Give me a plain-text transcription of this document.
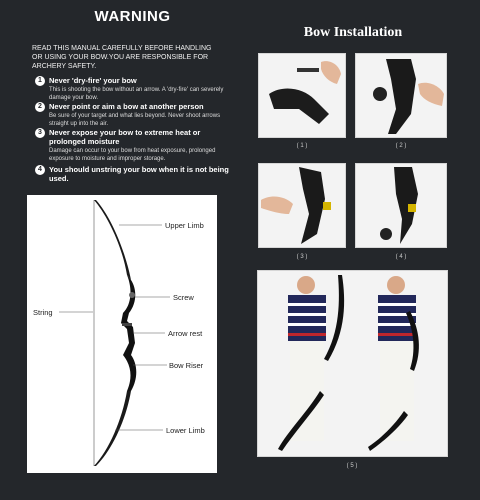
WARNING
READ THIS MANUAL CAREFULLY BEFORE HANDLING OR USING YOUR BOW.YOU ARE RESPONSIBLE FOR ARCHERY SAFETY.
1 Never 'dry-fire' your bow
This is shooting the bow without an arrow. A 'dry-fire' can severely damage your bow.
2 Never point or aim a bow at another person
Be sure of your target and what lies beyond. Never shoot arrows straight up into the air.
3 Never expose your bow to extreme heat or prolonged moisture
Damage can occur to your bow from heat exposure, prolonged exposure to moisture and improper storage.
4 You should unstring your bow when it is not being used.
Upper Limb
Screw
String
Arrow rest
Bow Riser
Lower Limb
Bow Installation
( 1 )	( 2 )
( 3 )	( 4 )
( 5 )
